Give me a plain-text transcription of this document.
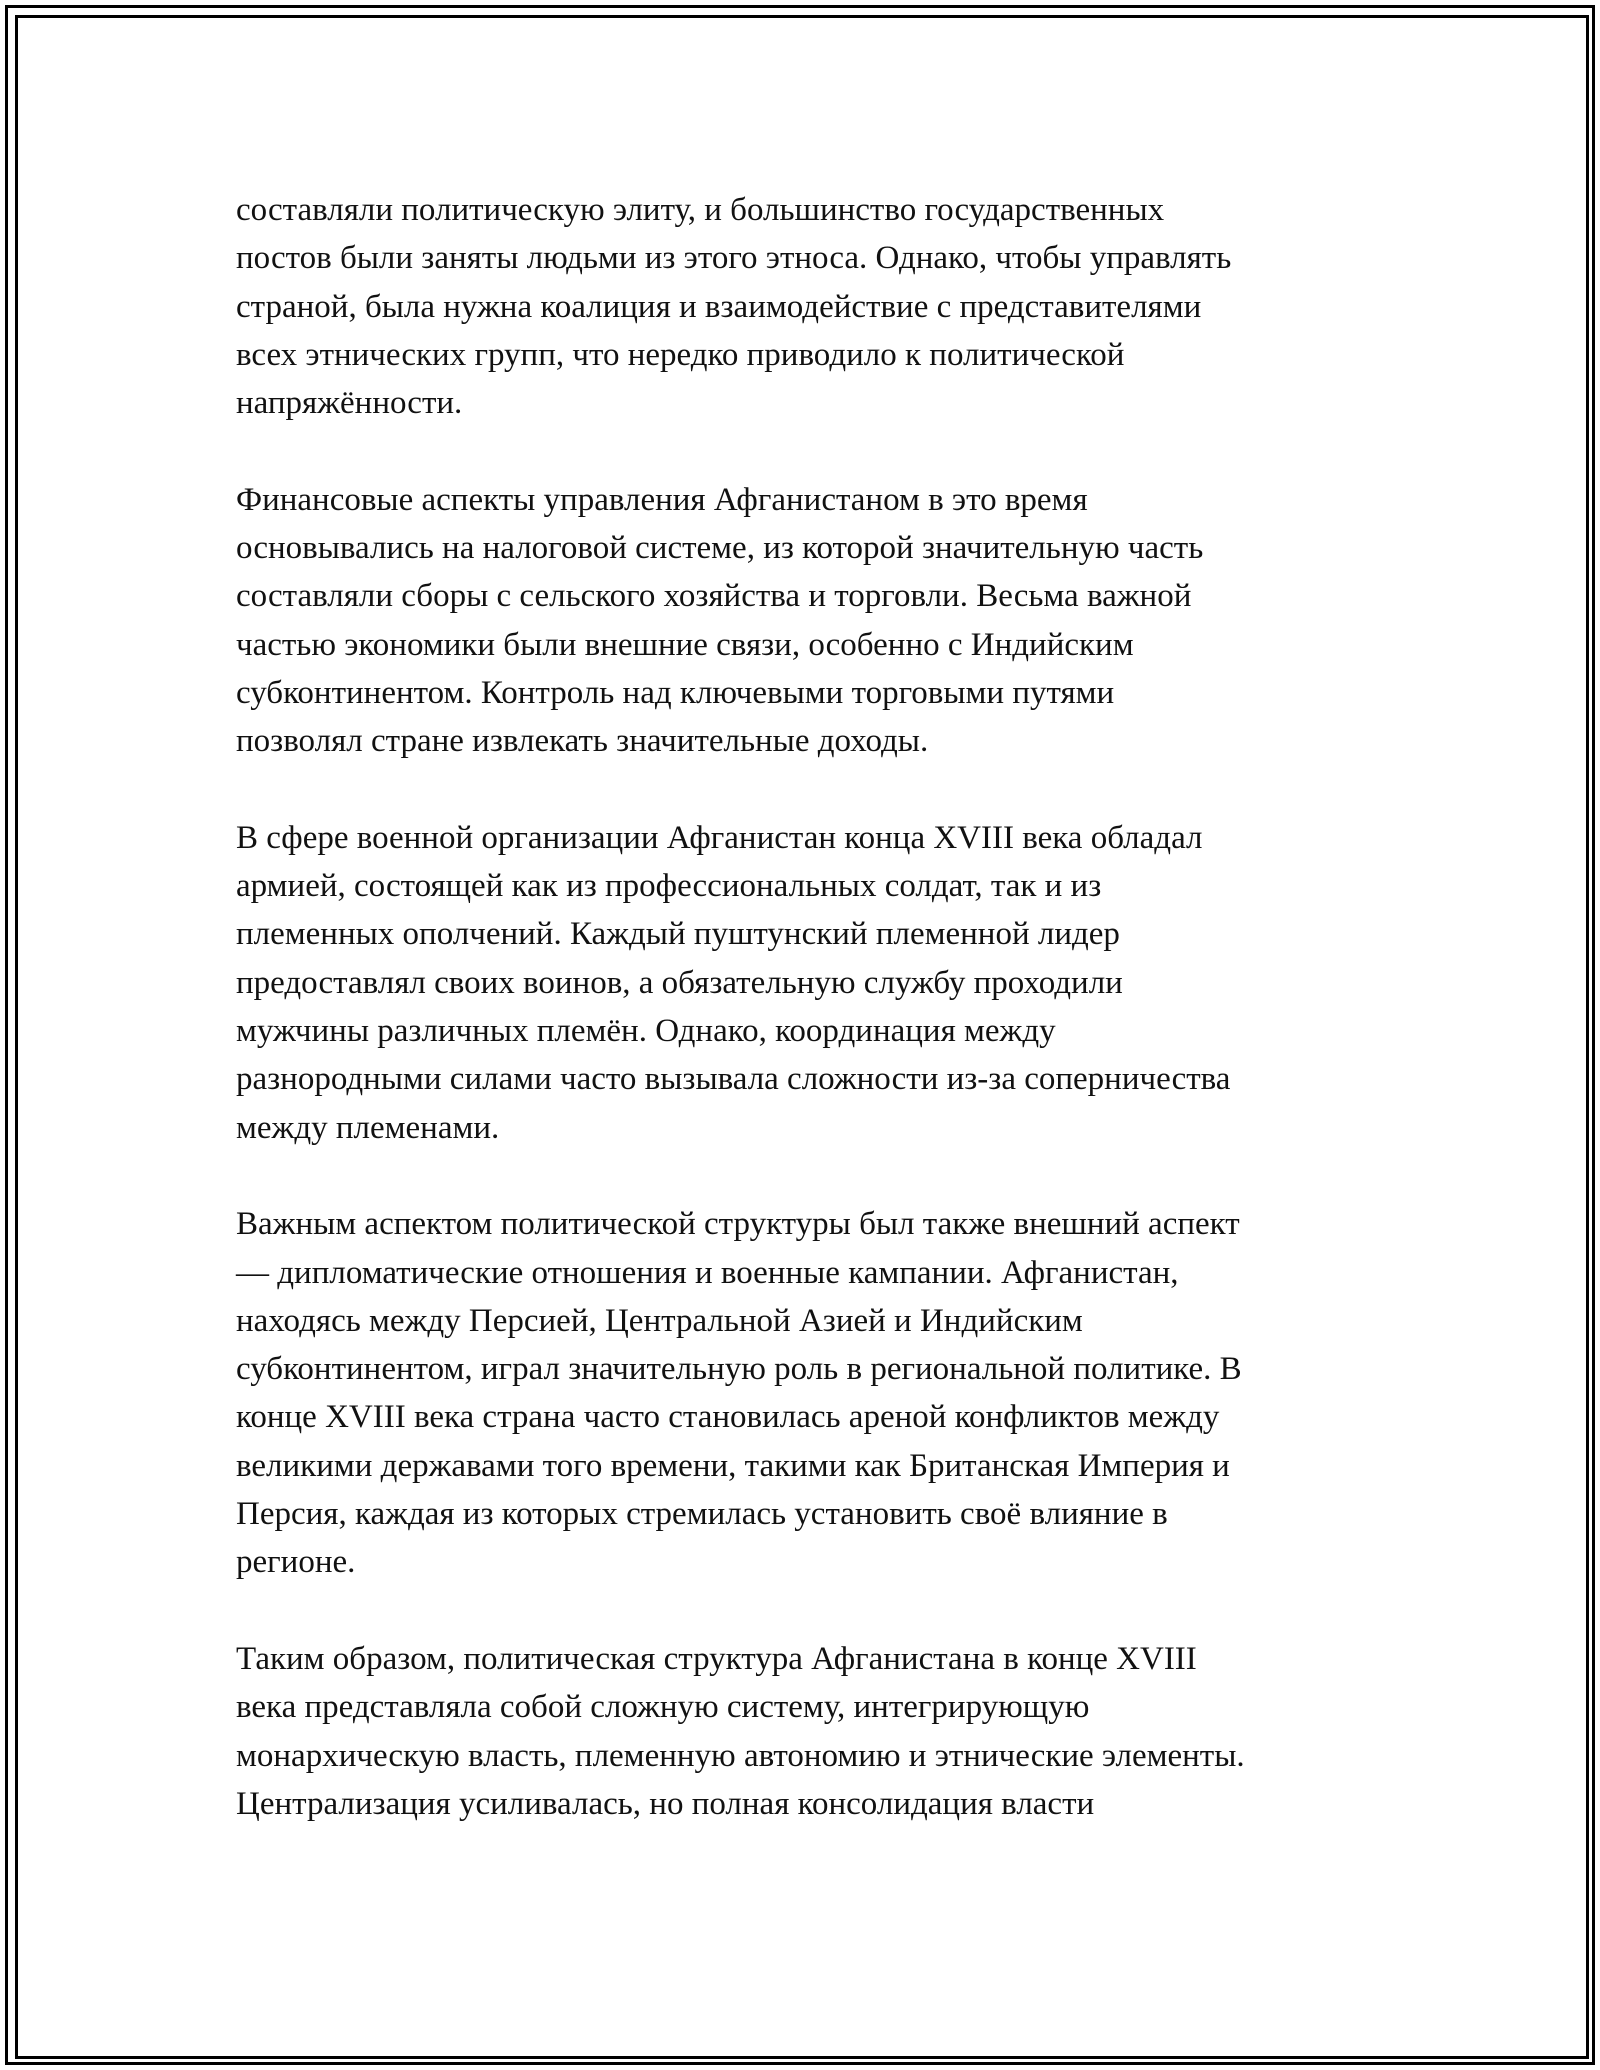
составляли политическую элиту, и большинство государственных
постов были заняты людьми из этого этноса. Однако, чтобы управлять
страной, была нужна коалиция и взаимодействие с представителями
всех этнических групп, что нередко приводило к политической
напряжённости.

Финансовые аспекты управления Афганистаном в это время
основывались на налоговой системе, из которой значительную часть
составляли сборы с сельского хозяйства и торговли. Весьма важной
частью экономики были внешние связи, особенно с Индийским
субконтинентом. Контроль над ключевыми торговыми путями
позволял стране извлекать значительные доходы.

В сфере военной организации Афганистан конца XVIII века обладал
армией, состоящей как из профессиональных солдат, так и из
племенных ополчений. Каждый пуштунский племенной лидер
предоставлял своих воинов, а обязательную службу проходили
мужчины различных племён. Однако, координация между
разнородными силами часто вызывала сложности из-за соперничества
между племенами.

Важным аспектом политической структуры был также внешний аспект
— дипломатические отношения и военные кампании. Афганистан,
находясь между Персией, Центральной Азией и Индийским
субконтинентом, играл значительную роль в региональной политике. В
конце XVIII века страна часто становилась ареной конфликтов между
великими державами того времени, такими как Британская Империя и
Персия, каждая из которых стремилась установить своё влияние в
регионе.

Таким образом, политическая структура Афганистана в конце XVIII
века представляла собой сложную систему, интегрирующую
монархическую власть, племенную автономию и этнические элементы.
Централизация усиливалась, но полная консолидация власти
